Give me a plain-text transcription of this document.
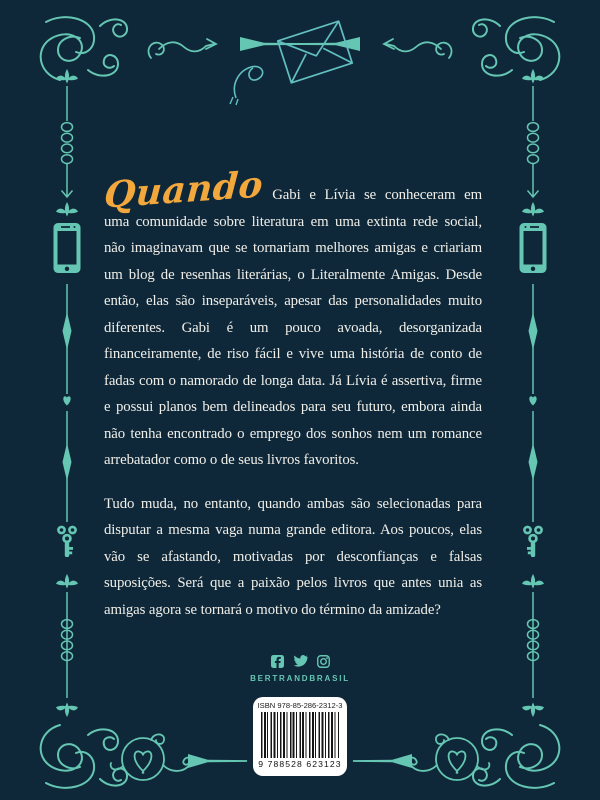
Quando Gabi e Lívia se conheceram em uma comunidade sobre literatura em uma extinta rede social, não imaginavam que se tornariam melhores amigas e criariam um blog de resenhas literárias, o Literalmente Amigas. Desde então, elas são inseparáveis, apesar das personalidades muito diferentes. Gabi é um pouco avoada, desorganizada financeiramente, de riso fácil e vive uma história de conto de fadas com o namorado de longa data. Já Lívia é assertiva, firme e possui planos bem delineados para seu futuro, embora ainda não tenha encontrado o emprego dos sonhos nem um romance arrebatador como o de seus livros favoritos.

Tudo muda, no entanto, quando ambas são selecionadas para disputar a mesma vaga numa grande editora. Aos poucos, elas vão se afastando, motivadas por desconfianças e falsas suposições. Será que a paixão pelos livros que antes unia as amigas agora se tornará o motivo do término da amizade?

BERTRANDBRASIL
ISBN 978-85-286-2312-3
9 788528 623123
